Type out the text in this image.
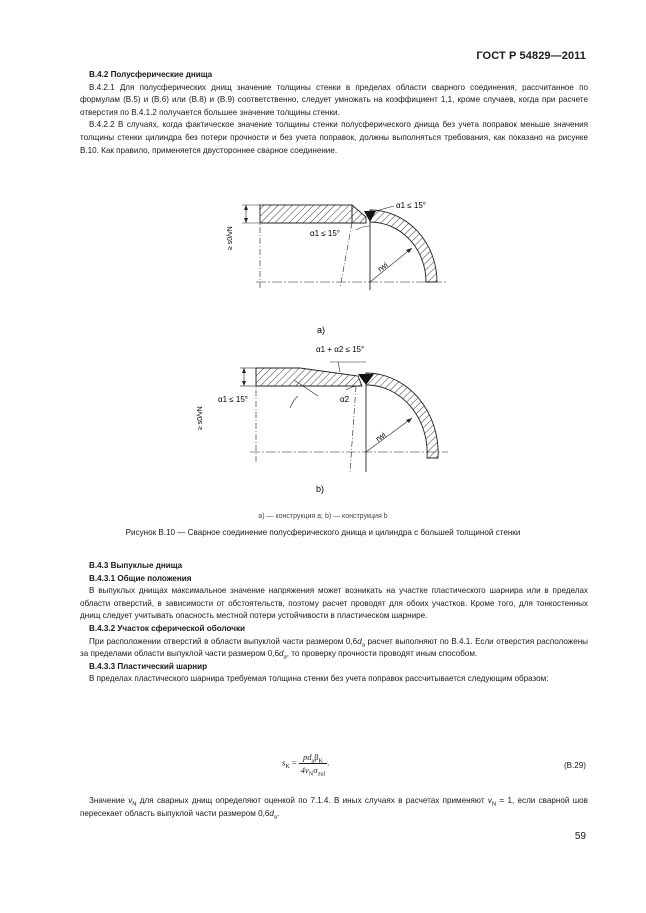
ГОСТ Р 54829—2011
В.4.2 Полусферические днища
В.4.2.1 Для полусферических днищ значение толщины стенки в пределах области сварного соединения, рассчитанное по формулам (В.5) и (В.6) или (В.8) и (В.9) соответственно, следует умножать на коэффициент 1,1, кроме случаев, когда при расчете отверстия по В.4.1.2 получается большее значение толщины стенки.
В.4.2.2 В случаях, когда фактическое значение толщины стенки полусферического днища без учета поправок меньше значения толщины стенки цилиндра без потери прочности и без учета поправок, должны выполняться требования, как показано на рисунке В.10. Как правило, применяется двустороннее сварное соединение.
α1 ≤ 15°
α1 ≤ 15°
rwi
≥ s0/vN
a)
α1 + α2 ≤ 15°
α2
α1 ≤ 15°
rwi
≥ s0/vN
b)
a) — конструкция a; b) — конструкция b
Рисунок В.10 — Сварное соединение полусферического днища и цилиндра с большей толщиной стенки
В.4.3 Выпуклые днища
В.4.3.1 Общие положения
В выпуклых днищах максимальное значение напряжения может возникать на участке пластического шарнира или в пределах области отверстий, в зависимости от обстоятельств, поэтому расчет проводят для обоих участков. Кроме того, для тонкостенных днищ следует учитывать опасность местной потери устойчивости в пластическом шарнире.
В.4.3.2 Участок сферической оболочки
При расположении отверстий в области выпуклой части размером $0,6d_a$ расчет выполняют по В.4.1. Если отверстия расположены за пределами области выпуклой части размером $0,6d_a$, то проверку прочности проводят иным способом.
В.4.3.3 Пластический шарнир
В пределах пластического шарнира требуемая толщина стенки без учета поправок рассчитывается следующим образом:
$s_K = \frac{pd_a\beta_K}{4v_N\sigma_{zul}}$ .	(В.29)
Значение $v_N$ для сварных днищ определяют оценкой по 7.1.4. В иных случаях в расчетах применяют $v_N = 1$, если сварной шов пересекает область выпуклой части размером $0,6d_a$.
59
